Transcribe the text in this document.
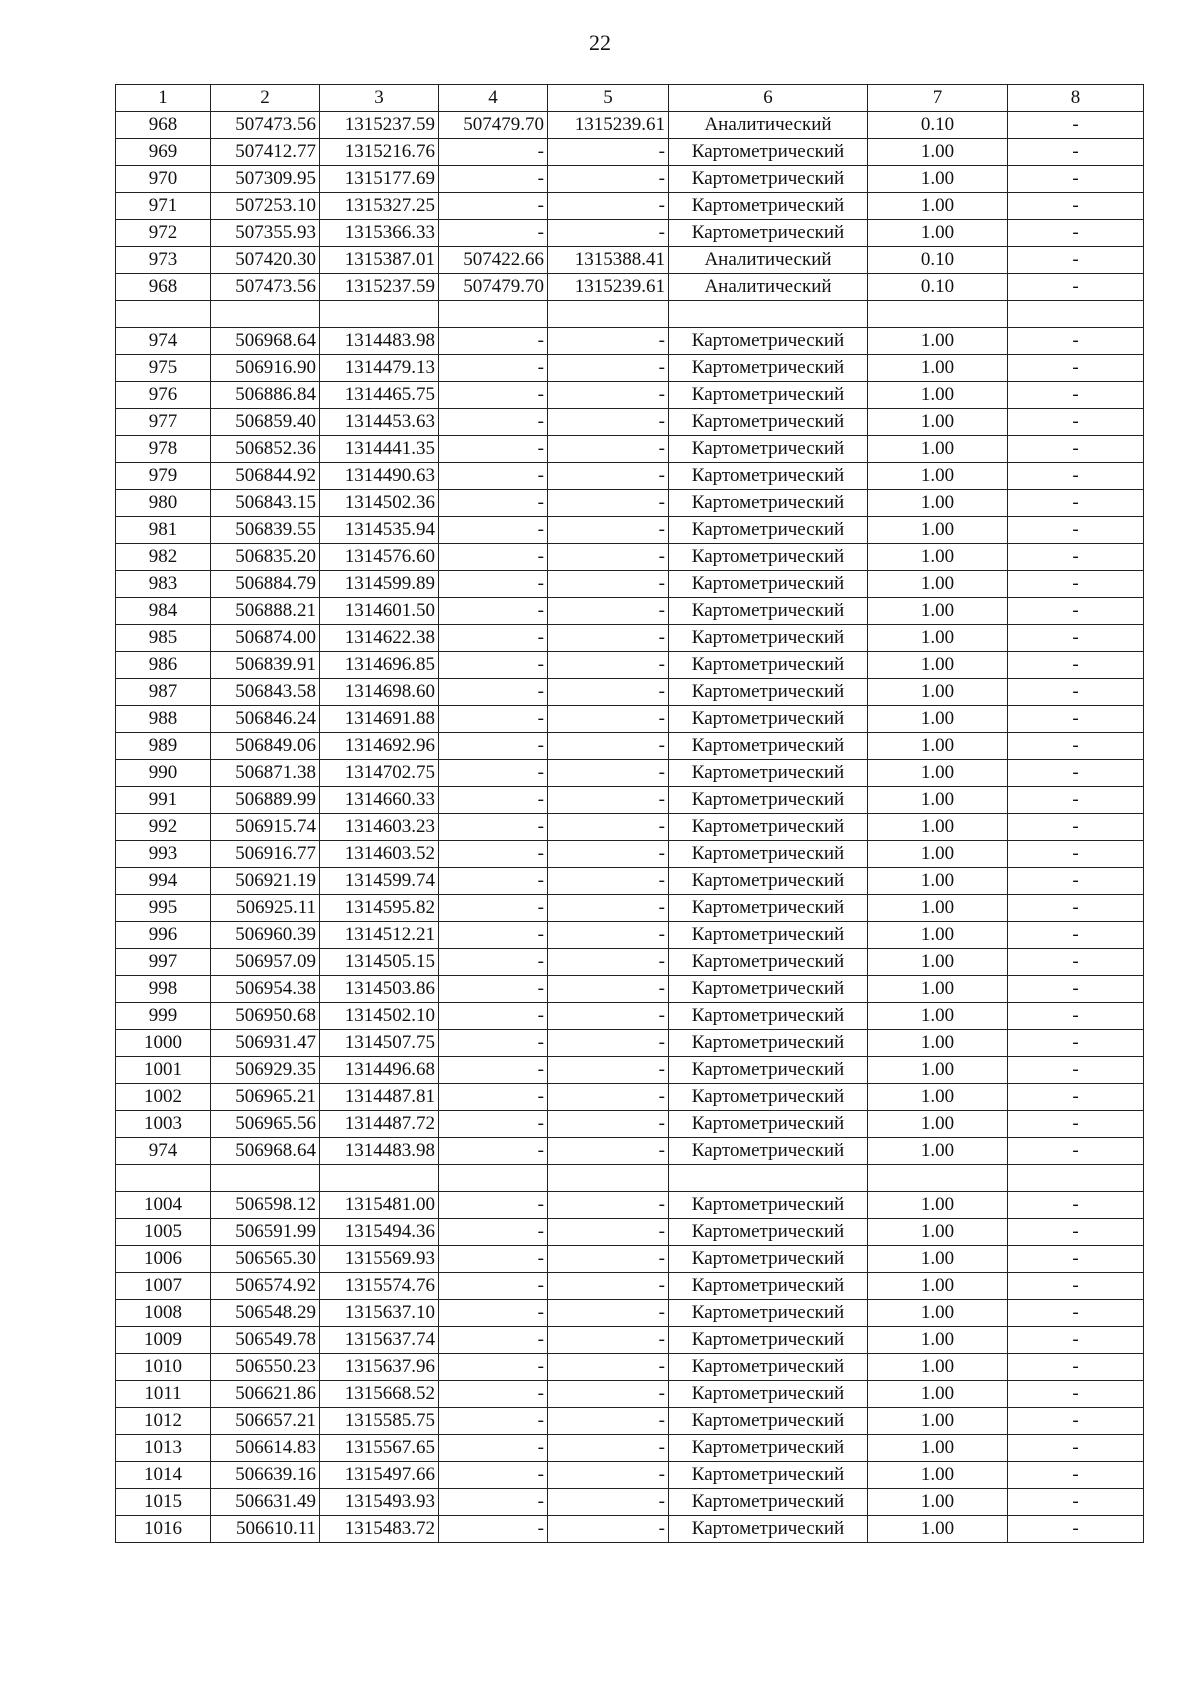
22
1	2	3	4	5	6	7	8
968	507473.56	1315237.59	507479.70	1315239.61	Аналитический	0.10	-
969	507412.77	1315216.76	-	-	Картометрический	1.00	-
970	507309.95	1315177.69	-	-	Картометрический	1.00	-
971	507253.10	1315327.25	-	-	Картометрический	1.00	-
972	507355.93	1315366.33	-	-	Картометрический	1.00	-
973	507420.30	1315387.01	507422.66	1315388.41	Аналитический	0.10	-
968	507473.56	1315237.59	507479.70	1315239.61	Аналитический	0.10	-

974	506968.64	1314483.98	-	-	Картометрический	1.00	-
975	506916.90	1314479.13	-	-	Картометрический	1.00	-
976	506886.84	1314465.75	-	-	Картометрический	1.00	-
977	506859.40	1314453.63	-	-	Картометрический	1.00	-
978	506852.36	1314441.35	-	-	Картометрический	1.00	-
979	506844.92	1314490.63	-	-	Картометрический	1.00	-
980	506843.15	1314502.36	-	-	Картометрический	1.00	-
981	506839.55	1314535.94	-	-	Картометрический	1.00	-
982	506835.20	1314576.60	-	-	Картометрический	1.00	-
983	506884.79	1314599.89	-	-	Картометрический	1.00	-
984	506888.21	1314601.50	-	-	Картометрический	1.00	-
985	506874.00	1314622.38	-	-	Картометрический	1.00	-
986	506839.91	1314696.85	-	-	Картометрический	1.00	-
987	506843.58	1314698.60	-	-	Картометрический	1.00	-
988	506846.24	1314691.88	-	-	Картометрический	1.00	-
989	506849.06	1314692.96	-	-	Картометрический	1.00	-
990	506871.38	1314702.75	-	-	Картометрический	1.00	-
991	506889.99	1314660.33	-	-	Картометрический	1.00	-
992	506915.74	1314603.23	-	-	Картометрический	1.00	-
993	506916.77	1314603.52	-	-	Картометрический	1.00	-
994	506921.19	1314599.74	-	-	Картометрический	1.00	-
995	506925.11	1314595.82	-	-	Картометрический	1.00	-
996	506960.39	1314512.21	-	-	Картометрический	1.00	-
997	506957.09	1314505.15	-	-	Картометрический	1.00	-
998	506954.38	1314503.86	-	-	Картометрический	1.00	-
999	506950.68	1314502.10	-	-	Картометрический	1.00	-
1000	506931.47	1314507.75	-	-	Картометрический	1.00	-
1001	506929.35	1314496.68	-	-	Картометрический	1.00	-
1002	506965.21	1314487.81	-	-	Картометрический	1.00	-
1003	506965.56	1314487.72	-	-	Картометрический	1.00	-
974	506968.64	1314483.98	-	-	Картометрический	1.00	-

1004	506598.12	1315481.00	-	-	Картометрический	1.00	-
1005	506591.99	1315494.36	-	-	Картометрический	1.00	-
1006	506565.30	1315569.93	-	-	Картометрический	1.00	-
1007	506574.92	1315574.76	-	-	Картометрический	1.00	-
1008	506548.29	1315637.10	-	-	Картометрический	1.00	-
1009	506549.78	1315637.74	-	-	Картометрический	1.00	-
1010	506550.23	1315637.96	-	-	Картометрический	1.00	-
1011	506621.86	1315668.52	-	-	Картометрический	1.00	-
1012	506657.21	1315585.75	-	-	Картометрический	1.00	-
1013	506614.83	1315567.65	-	-	Картометрический	1.00	-
1014	506639.16	1315497.66	-	-	Картометрический	1.00	-
1015	506631.49	1315493.93	-	-	Картометрический	1.00	-
1016	506610.11	1315483.72	-	-	Картометрический	1.00	-
